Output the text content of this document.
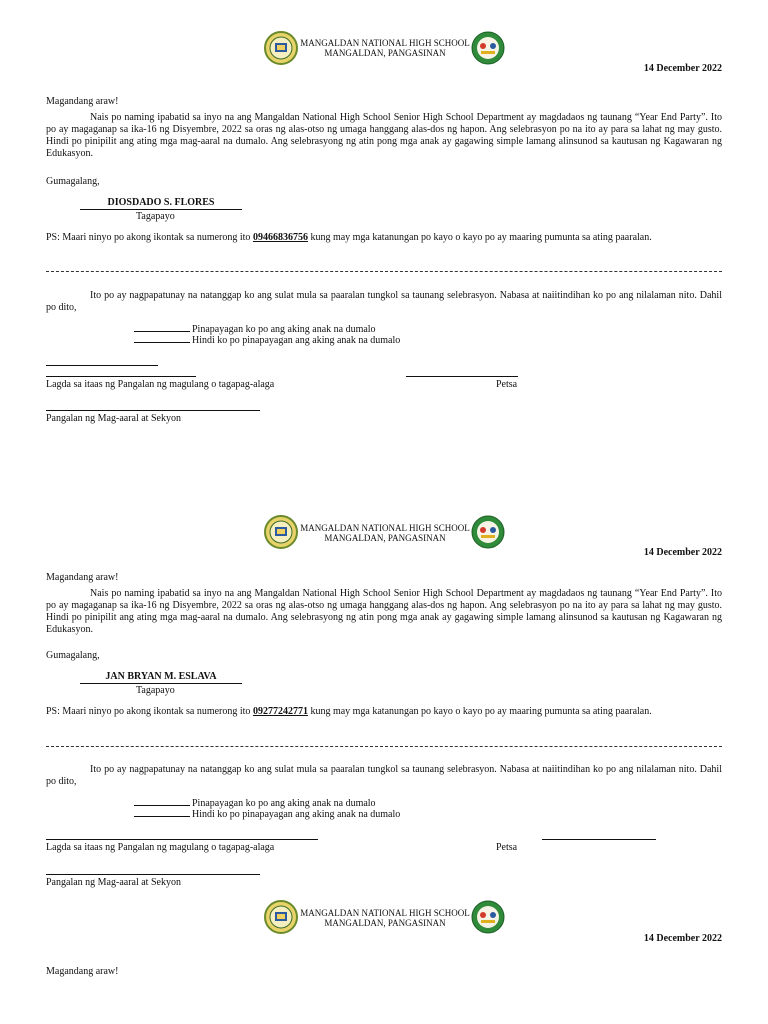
MANGALDAN NATIONAL HIGH SCHOOL
MANGALDAN, PANGASINAN
14 December 2022
Magandang araw!
Nais po naming ipabatid sa inyo na ang Mangaldan National High School Senior High School Department ay magdadaos ng taunang “Year End Party”. Ito po ay magaganap sa ika-16 ng Disyembre, 2022 sa oras ng alas-otso ng umaga hanggang alas-dos ng hapon. Ang selebrasyon po na ito ay para sa lahat ng may gusto. Hindi po pinipilit ang ating mga mag-aaral na dumalo. Ang selebrasyong ng atin pong mga anak ay gagawing simple lamang alinsunod sa kautusan ng Kagawaran ng Edukasyon.
Gumagalang,
DIOSDADO S. FLORES
Tagapayo
PS: Maari ninyo po akong ikontak sa numerong ito 09466836756 kung may mga katanungan po kayo o kayo po ay maaring pumunta sa ating paaralan.
Ito po ay nagpapatunay na natanggap ko ang sulat mula sa paaralan tungkol sa taunang selebrasyon. Nabasa at naiitindihan ko po ang nilalaman nito. Dahil po dito,
Pinapayagan ko po ang aking anak na dumalo
Hindi ko po pinapayagan ang aking anak na dumalo
Lagda sa itaas ng Pangalan ng magulang o tagapag-alaga	Petsa
Pangalan ng Mag-aaral at Sekyon
MANGALDAN NATIONAL HIGH SCHOOL
MANGALDAN, PANGASINAN
14 December 2022
Magandang araw!
Nais po naming ipabatid sa inyo na ang Mangaldan National High School Senior High School Department ay magdadaos ng taunang “Year End Party”. Ito po ay magaganap sa ika-16 ng Disyembre, 2022 sa oras ng alas-otso ng umaga hanggang alas-dos ng hapon. Ang selebrasyon po na ito ay para sa lahat ng may gusto. Hindi po pinipilit ang ating mga mag-aaral na dumalo. Ang selebrasyong ng atin pong mga anak ay gagawing simple lamang alinsunod sa kautusan ng Kagawaran ng Edukasyon.
Gumagalang,
JAN BRYAN M. ESLAVA
Tagapayo
PS: Maari ninyo po akong ikontak sa numerong ito 09277242771 kung may mga katanungan po kayo o kayo po ay maaring pumunta sa ating paaralan.
Ito po ay nagpapatunay na natanggap ko ang sulat mula sa paaralan tungkol sa taunang selebrasyon. Nabasa at naiitindihan ko po ang nilalaman nito. Dahil po dito,
Pinapayagan ko po ang aking anak na dumalo
Hindi ko po pinapayagan ang aking anak na dumalo
Lagda sa itaas ng Pangalan ng magulang o tagapag-alaga	Petsa
Pangalan ng Mag-aaral at Sekyon
MANGALDAN NATIONAL HIGH SCHOOL
MANGALDAN, PANGASINAN
14 December 2022
Magandang araw!
